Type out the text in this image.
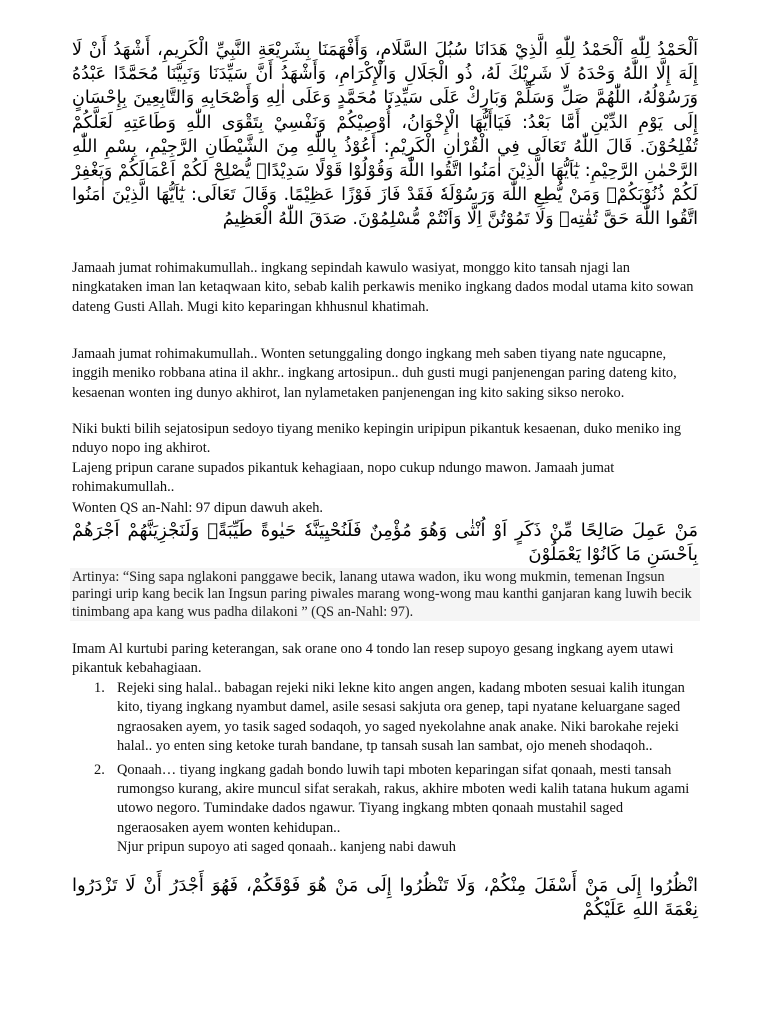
اَلْحَمْدُ لِلّٰهِ اَلْحَمْدُ لِلّٰهِ الَّذِيْ هَدَانَا سُبُلَ السَّلَامِ، وَأَفْهَمَنَا بِشَرِيْعَةِ النَّبِيِّ الْكَرِيمِ، أَشْهَدُ أَنْ لَا إِلَهَ إِلَّا اللّٰهُ وَحْدَهُ لَا شَرِيْكَ لَهُ، ذُو الْجَلَالِ وَالْإِكْرَامِ، وَأَشْهَدُ أَنَّ سَيِّدَنَا وَنَبِيَّنَا مُحَمَّدًا عَبْدُهُ وَرَسُوْلُهُ، اللّٰهُمَّ صَلِّ وَسَلِّمْ وَبَارِكْ عَلَى سَيِّدِنَا مُحَمَّدٍ وَعَلَى اٰلِهِ وَأَصْحَابِهِ وَالتَّابِعِينَ بِإِحْسَانٍ إِلَى يَوْمِ الدِّيْنِ أَمَّا بَعْدُ: فَيَاأَيُّهَا الْإِخْوَانُ، أُوْصِيْكُمْ وَنَفْسِيْ بِتَقْوَى اللّٰهِ وَطَاعَتِهِ لَعَلَّكُمْ تُفْلِحُوْنَ. قَالَ اللّٰهُ تَعَالَى فِي الْقُرْاٰنِ الْكَرِيْمِ: أَعُوْذُ بِاللّٰهِ مِنَ الشَّيْطَانِ الرَّجِيْمِ، بِسْمِ اللّٰهِ الرَّحْمٰنِ الرَّحِيْمِ: يٰٓاَيُّهَا الَّذِيْنَ اٰمَنُوا اتَّقُوا اللّٰهَ وَقُوْلُوْا قَوْلًا سَدِيْدًاۙ يُّصْلِحْ لَكُمْ اَعْمَالَكُمْ وَيَغْفِرْ لَكُمْ ذُنُوْبَكُمْۗ وَمَنْ يُّطِعِ اللّٰهَ وَرَسُوْلَهٗ فَقَدْ فَازَ فَوْزًا عَظِيْمًا. وَقَالَ تَعَالَى: يٰٓاَيُّهَا الَّذِيْنَ اٰمَنُوا اتَّقُوا اللّٰهَ حَقَّ تُقٰتِهٖ وَلَا تَمُوْتُنَّ اِلَّا وَاَنْتُمْ مُّسْلِمُوْنَ. صَدَقَ اللّٰهُ الْعَظِيمُ

Jamaah jumat rohimakumullah.. ingkang sepindah kawulo wasiyat, monggo kito tansah njagi lan ningkataken iman lan ketaqwaan kito, sebab kalih perkawis meniko ingkang dados modal utama kito sowan dateng Gusti Allah. Mugi kito keparingan khhusnul khatimah.

Jamaah jumat rohimakumullah.. Wonten setunggaling dongo ingkang meh saben tiyang nate ngucapne, inggih meniko robbana atina il akhr.. ingkang artosipun.. duh gusti mugi panjenengan paring dateng kito, kesaenan wonten ing dunyo akhirot, lan nylametaken panjenengan ing kito saking sikso neroko.

Niki bukti bilih sejatosipun sedoyo tiyang meniko kepingin uripipun pikantuk kesaenan, duko meniko ing nduyo nopo ing akhirot.

Lajeng pripun carane supados pikantuk kehagiaan, nopo cukup ndungo mawon. Jamaah jumat rohimakumullah..

Wonten QS an-Nahl: 97 dipun dawuh akeh.

مَنْ عَمِلَ صَالِحًا مِّنْ ذَكَرٍ اَوْ اُنْثٰى وَهُوَ مُؤْمِنٌ فَلَنُحْيِيَنَّهٗ حَيٰوةً طَيِّبَةًۚ وَلَنَجْزِيَنَّهُمْ اَجْرَهُمْ بِاَحْسَنِ مَا كَانُوْا يَعْمَلُوْنَ

Artinya: “Sing sapa nglakoni panggawe becik, lanang utawa wadon, iku wong mukmin, temenan Ingsun paringi urip kang becik lan Ingsun paring piwales marang wong-wong mau kanthi ganjaran kang luwih becik tinimbang apa kang wus padha dilakoni ” (QS an-Nahl: 97).

Imam Al kurtubi paring keterangan, sak orane ono 4 tondo lan resep supoyo gesang ingkang ayem utawi pikantuk kebahagiaan.

1. Rejeki sing halal.. babagan rejeki niki lekne kito angen angen, kadang mboten sesuai kalih itungan kito, tiyang ingkang nyambut damel, asile sesasi sakjuta ora genep, tapi nyatane keluargane saged ngraosaken ayem, yo tasik saged sodaqoh, yo saged nyekolahne anak anake. Niki barokahe rejeki halal.. yo enten sing ketoke turah bandane, tp tansah susah lan sambat, ojo meneh shodaqoh..
2. Qonaah… tiyang ingkang gadah bondo luwih tapi mboten keparingan sifat qonaah, mesti tansah rumongso kurang, akire muncul sifat serakah, rakus, akhire mboten wedi kalih tatana hukum agami utowo negoro. Tumindake dados ngawur. Tiyang ingkang mbten qonaah mustahil saged ngeraosaken ayem wonten kehidupan..
Njur pripun supoyo ati saged qonaah.. kanjeng nabi dawuh
انْظُرُوا إِلَى مَنْ أَسْفَلَ مِنْكُمْ، وَلَا تَنْظُرُوا إِلَى مَنْ هُوَ فَوْقَكُمْ، فَهُوَ أَجْدَرُ أَنْ لَا تَزْدَرُوا نِعْمَةَ اللهِ عَلَيْكُمْ
